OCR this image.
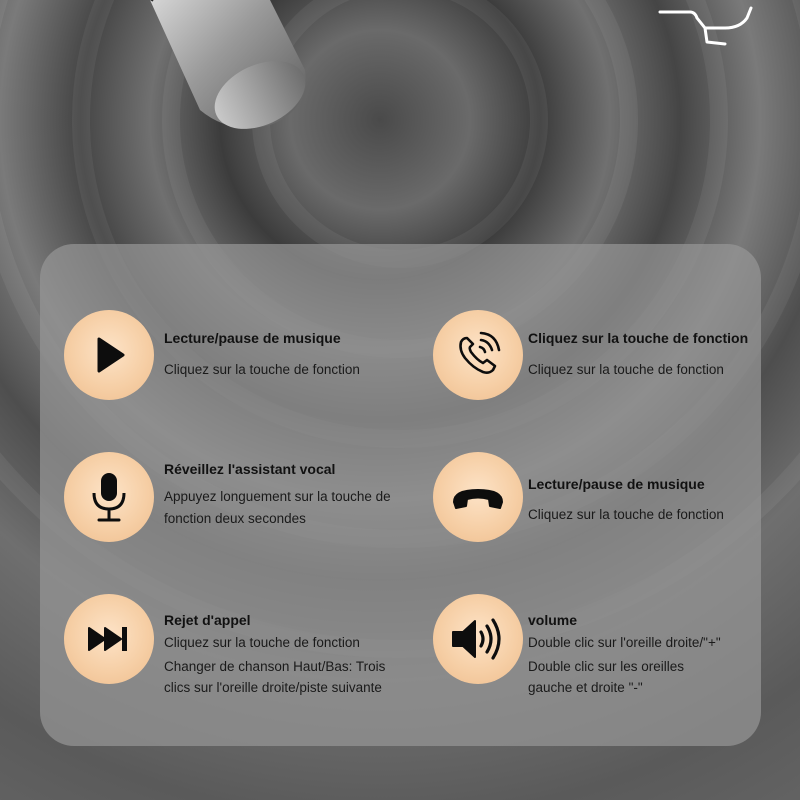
Lecture/pause de musique
Cliquez sur la touche de fonction
Cliquez sur la touche de fonction
Cliquez sur la touche de fonction
Réveillez l'assistant vocal
Appuyez longuement sur la touche de
fonction deux secondes
Lecture/pause de musique
Cliquez sur la touche de fonction
Rejet d'appel
Cliquez sur la touche de fonction
Changer de chanson Haut/Bas: Trois
clics sur l'oreille droite/piste suivante
volume
Double clic sur l'oreille droite/"+"
Double clic sur les oreilles
gauche et droite "-"
